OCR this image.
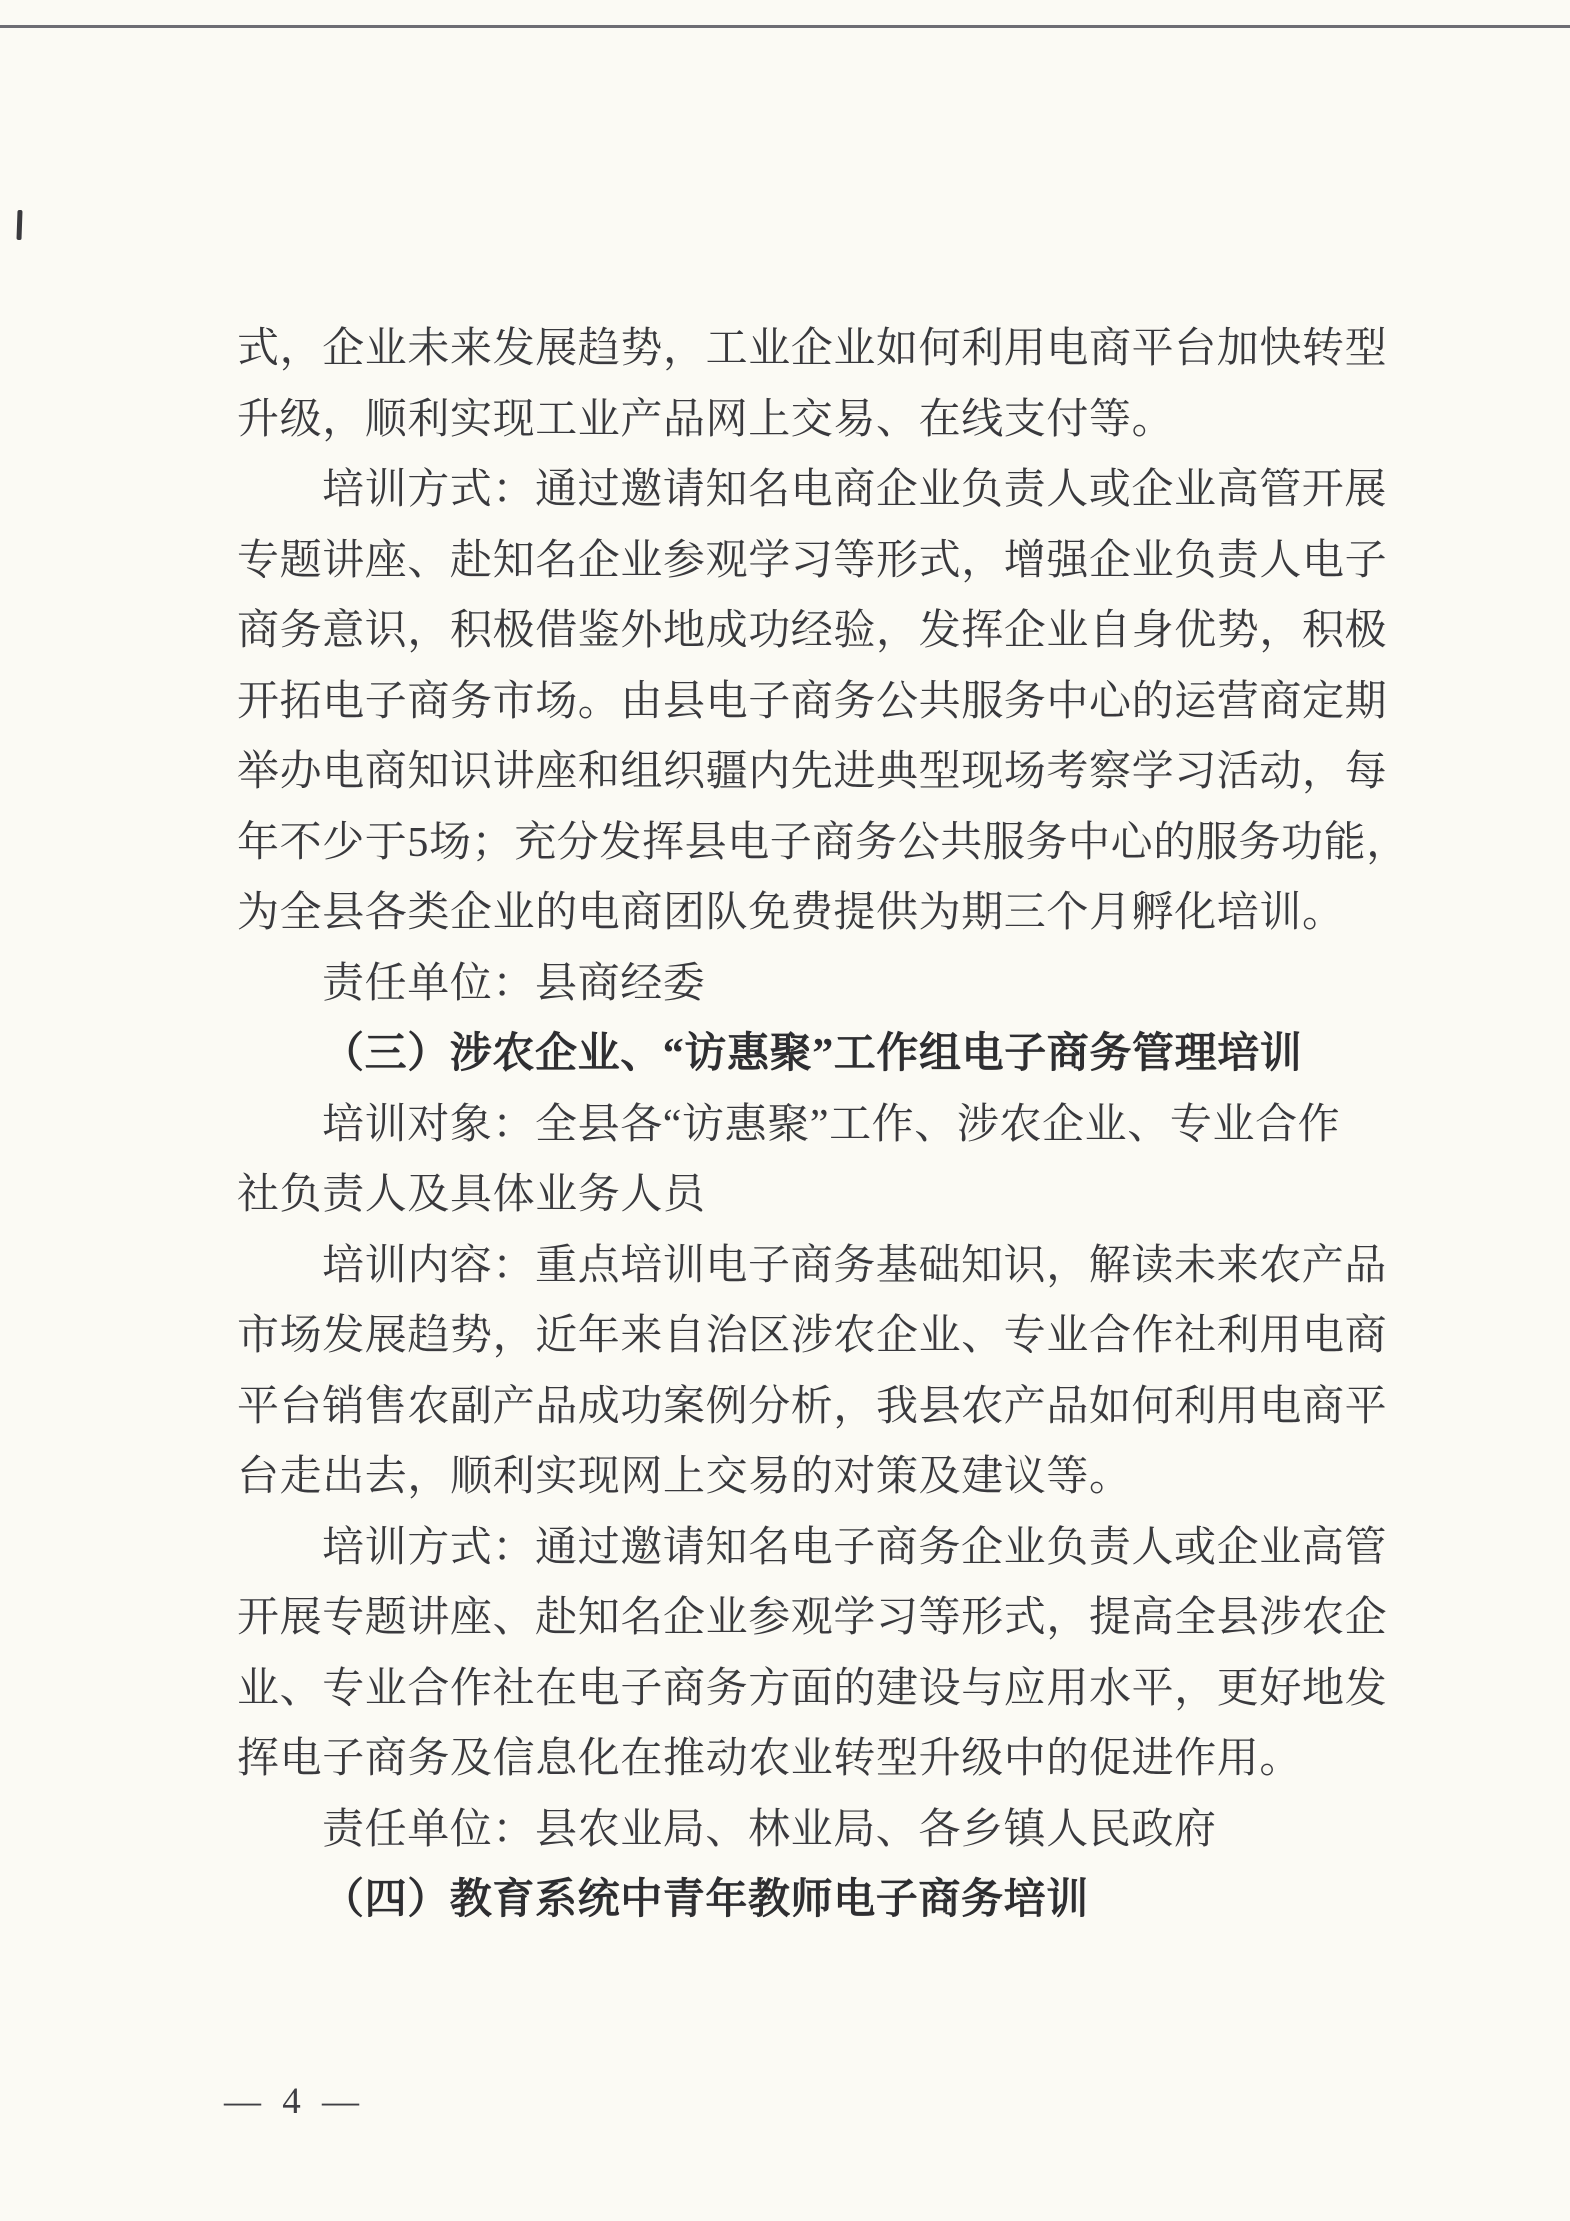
式，企业未来发展趋势，工业企业如何利用电商平台加快转型
升级，顺利实现工业产品网上交易、在线支付等。
培训方式：通过邀请知名电商企业负责人或企业高管开展
专题讲座、赴知名企业参观学习等形式，增强企业负责人电子
商务意识，积极借鉴外地成功经验，发挥企业自身优势，积极
开拓电子商务市场。由县电子商务公共服务中心的运营商定期
举办电商知识讲座和组织疆内先进典型现场考察学习活动，每
年不少于5场；充分发挥县电子商务公共服务中心的服务功能，
为全县各类企业的电商团队免费提供为期三个月孵化培训。
责任单位：县商经委
（三）涉农企业、“访惠聚”工作组电子商务管理培训
培训对象：全县各“访惠聚”工作、涉农企业、专业合作
社负责人及具体业务人员
培训内容：重点培训电子商务基础知识，解读未来农产品
市场发展趋势，近年来自治区涉农企业、专业合作社利用电商
平台销售农副产品成功案例分析，我县农产品如何利用电商平
台走出去，顺利实现网上交易的对策及建议等。
培训方式：通过邀请知名电子商务企业负责人或企业高管
开展专题讲座、赴知名企业参观学习等形式，提高全县涉农企
业、专业合作社在电子商务方面的建设与应用水平，更好地发
挥电子商务及信息化在推动农业转型升级中的促进作用。
责任单位：县农业局、林业局、各乡镇人民政府
（四）教育系统中青年教师电子商务培训
— 4 —
